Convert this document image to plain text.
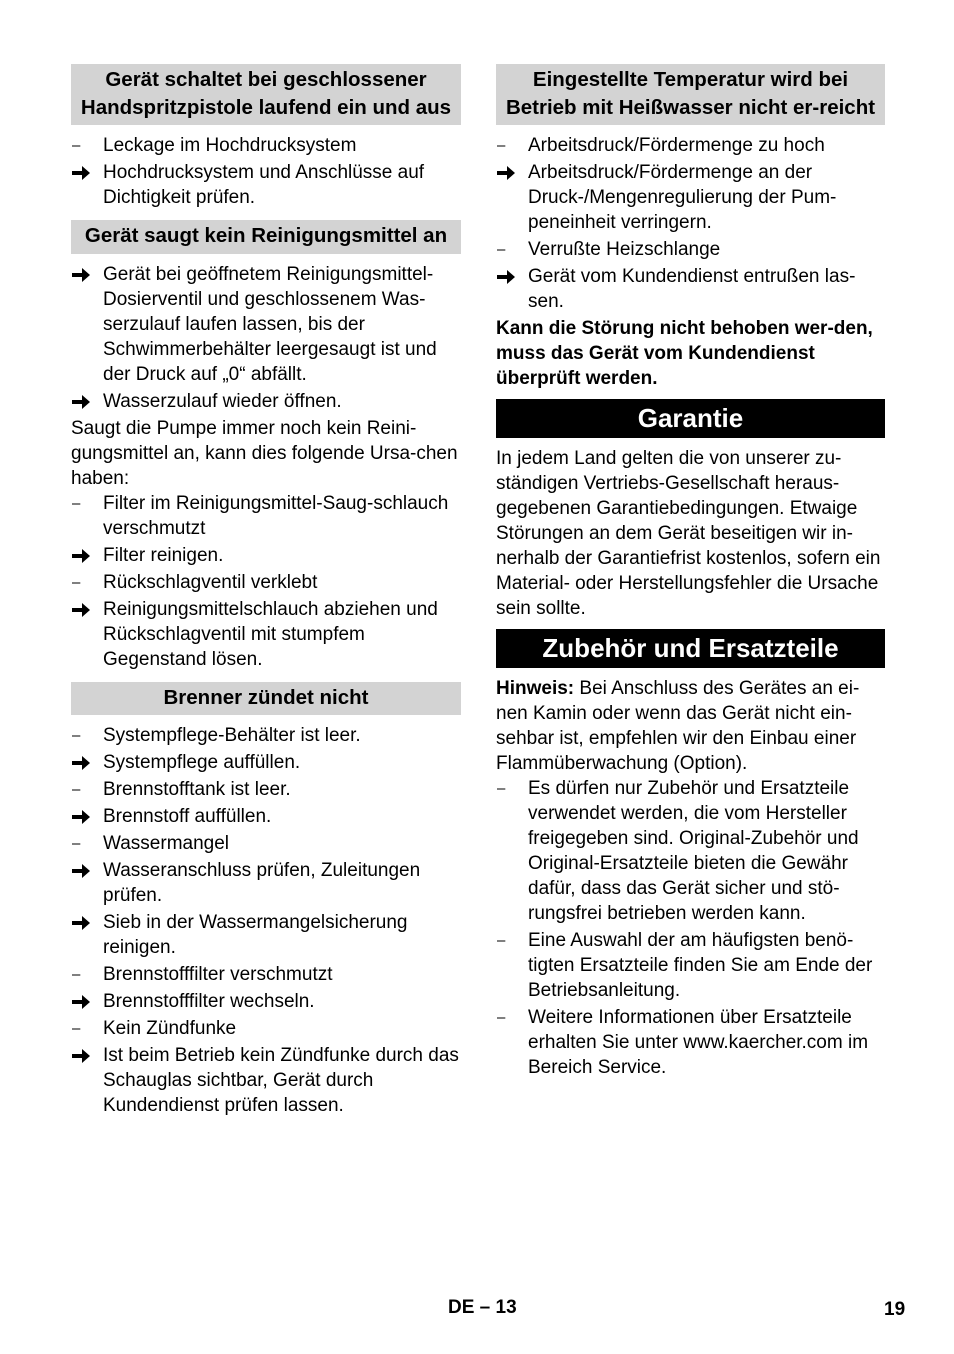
Gerät schaltet bei geschlossener Handspritzpistole laufend ein und aus
–	Leckage im Hochdrucksystem
Hochdrucksystem und Anschlüsse auf Dichtigkeit prüfen.
Gerät saugt kein Reinigungsmittel an
Gerät bei geöffnetem Reinigungsmittel-Dosierventil und geschlossenem Was-serzulauf laufen lassen, bis der Schwimmerbehälter leergesaugt ist und der Druck auf „0“ abfällt.
Wasserzulauf wieder öffnen.
Saugt die Pumpe immer noch kein Reini-gungsmittel an, kann dies folgende Ursa-chen haben:
–	Filter im Reinigungsmittel-Saug-schlauch verschmutzt
Filter reinigen.
–	Rückschlagventil verklebt
Reinigungsmittelschlauch abziehen und Rückschlagventil mit stumpfem Gegenstand lösen.
Brenner zündet nicht
–	Systempflege-Behälter ist leer.
Systempflege auffüllen.
–	Brennstofftank ist leer.
Brennstoff auffüllen.
–	Wassermangel
Wasseranschluss prüfen, Zuleitungen prüfen.
Sieb in der Wassermangelsicherung reinigen.
–	Brennstofffilter verschmutzt
Brennstofffilter wechseln.
–	Kein Zündfunke
Ist beim Betrieb kein Zündfunke durch das Schauglas sichtbar, Gerät durch Kundendienst prüfen lassen.
Eingestellte Temperatur wird bei Betrieb mit Heißwasser nicht er-reicht
–	Arbeitsdruck/Fördermenge zu hoch
Arbeitsdruck/Fördermenge an der Druck-/Mengenregulierung der Pum-peneinheit verringern.
–	Verrußte Heizschlange
Gerät vom Kundendienst entrußen las-sen.
Kann die Störung nicht behoben wer-den, muss das Gerät vom Kundendienst überprüft werden.
Garantie
In jedem Land gelten die von unserer zu-ständigen Vertriebs-Gesellschaft heraus-gegebenen Garantiebedingungen. Etwaige Störungen an dem Gerät beseitigen wir in-nerhalb der Garantiefrist kostenlos, sofern ein Material- oder Herstellungsfehler die Ursache sein sollte.
Zubehör und Ersatzteile
Hinweis: Bei Anschluss des Gerätes an ei-nen Kamin oder wenn das Gerät nicht ein-sehbar ist, empfehlen wir den Einbau einer Flammüberwachung (Option).
–	Es dürfen nur Zubehör und Ersatzteile verwendet werden, die vom Hersteller freigegeben sind. Original-Zubehör und Original-Ersatzteile bieten die Gewähr dafür, dass das Gerät sicher und stö-rungsfrei betrieben werden kann.
–	Eine Auswahl der am häufigsten benö-tigten Ersatzteile finden Sie am Ende der Betriebsanleitung.
–	Weitere Informationen über Ersatzteile erhalten Sie unter www.kaercher.com im Bereich Service.
DE – 13	19
